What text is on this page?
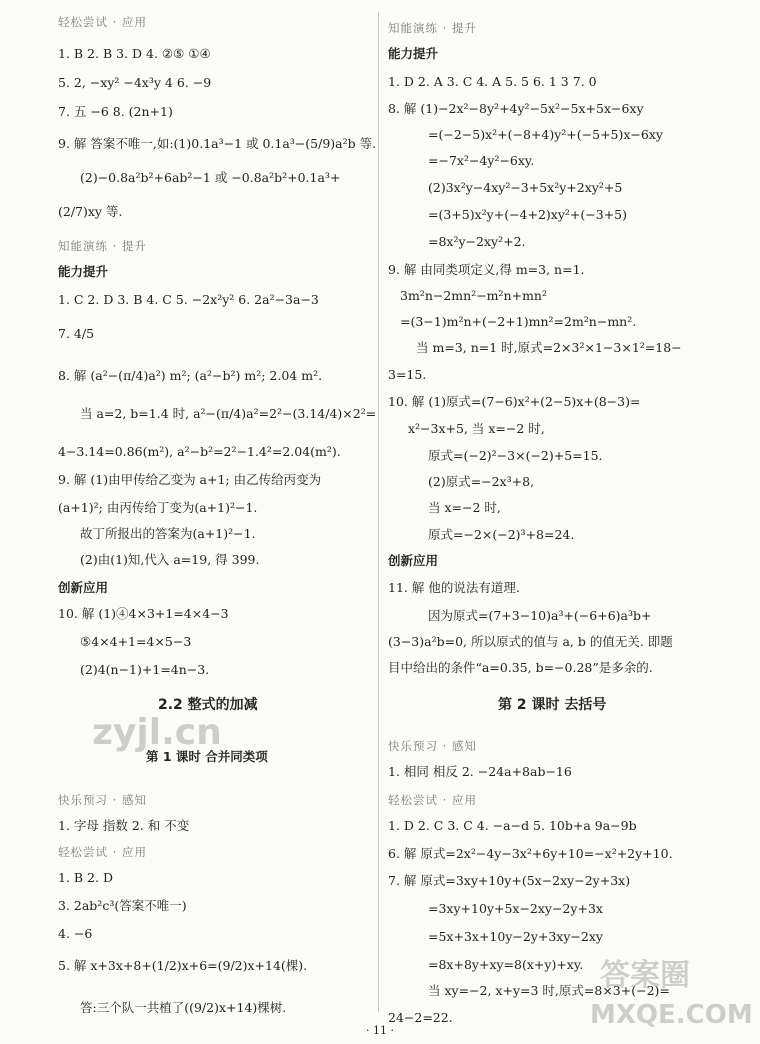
轻松尝试 · 应用
1. B 2. B 3. D 4. ②⑤ ①④
5. 2, −xy² −4x³y 4 6. −9
7. 五 −6 8. (2n+1)
9. 解 答案不唯一,如:(1)0.1a³−1 或 0.1a³−(5/9)a²b 等.
(2)−0.8a²b²+6ab²−1 或 −0.8a²b²+0.1a³+
(2/7)xy 等.
知能演练 · 提升
能力提升
1. C 2. D 3. B 4. C 5. −2x²y² 6. 2a²−3a−3
7. 4/5
8. 解 (a²−(π/4)a²) m²; (a²−b²) m²; 2.04 m².
当 a=2, b=1.4 时, a²−(π/4)a²=2²−(3.14/4)×2²=
4−3.14=0.86(m²), a²−b²=2²−1.4²=2.04(m²).
9. 解 (1)由甲传给乙变为 a+1; 由乙传给丙变为
(a+1)²; 由丙传给丁变为(a+1)²−1.
故丁所报出的答案为(a+1)²−1.
(2)由(1)知,代入 a=19, 得 399.
创新应用
10. 解 (1)④4×3+1=4×4−3
⑤4×4+1=4×5−3
(2)4(n−1)+1=4n−3.
2.2 整式的加减
第 1 课时 合并同类项
快乐预习 · 感知
1. 字母 指数 2. 和 不变
轻松尝试 · 应用
1. B 2. D
3. 2ab²c³(答案不唯一)
4. −6
5. 解 x+3x+8+(1/2)x+6=(9/2)x+14(棵).
答:三个队一共植了((9/2)x+14)棵树.
知能演练 · 提升
能力提升
1. D 2. A 3. C 4. A 5. 5 6. 1 3 7. 0
8. 解 (1)−2x²−8y²+4y²−5x²−5x+5x−6xy
=(−2−5)x²+(−8+4)y²+(−5+5)x−6xy
=−7x²−4y²−6xy.
(2)3x²y−4xy²−3+5x²y+2xy²+5
=(3+5)x²y+(−4+2)xy²+(−3+5)
=8x²y−2xy²+2.
9. 解 由同类项定义,得 m=3, n=1.
3m²n−2mn²−m²n+mn²
=(3−1)m²n+(−2+1)mn²=2m²n−mn².
当 m=3, n=1 时,原式=2×3²×1−3×1²=18−
3=15.
10. 解 (1)原式=(7−6)x²+(2−5)x+(8−3)=
x²−3x+5, 当 x=−2 时,
原式=(−2)²−3×(−2)+5=15.
(2)原式=−2x³+8,
当 x=−2 时,
原式=−2×(−2)³+8=24.
创新应用
11. 解 他的说法有道理.
因为原式=(7+3−10)a³+(−6+6)a³b+
(3−3)a²b=0, 所以原式的值与 a, b 的值无关. 即题
目中给出的条件“a=0.35, b=−0.28”是多余的.
第 2 课时 去括号
快乐预习 · 感知
1. 相同 相反 2. −24a+8ab−16
轻松尝试 · 应用
1. D 2. C 3. C 4. −a−d 5. 10b+a 9a−9b
6. 解 原式=2x²−4y−3x²+6y+10=−x²+2y+10.
7. 解 原式=3xy+10y+(5x−2xy−2y+3x)
=3xy+10y+5x−2xy−2y+3x
=5x+3x+10y−2y+3xy−2xy
=8x+8y+xy=8(x+y)+xy.
当 xy=−2, x+y=3 时,原式=8×3+(−2)=
24−2=22.
zyjl.cn
答案圈
MXQE.COM
· 11 ·
